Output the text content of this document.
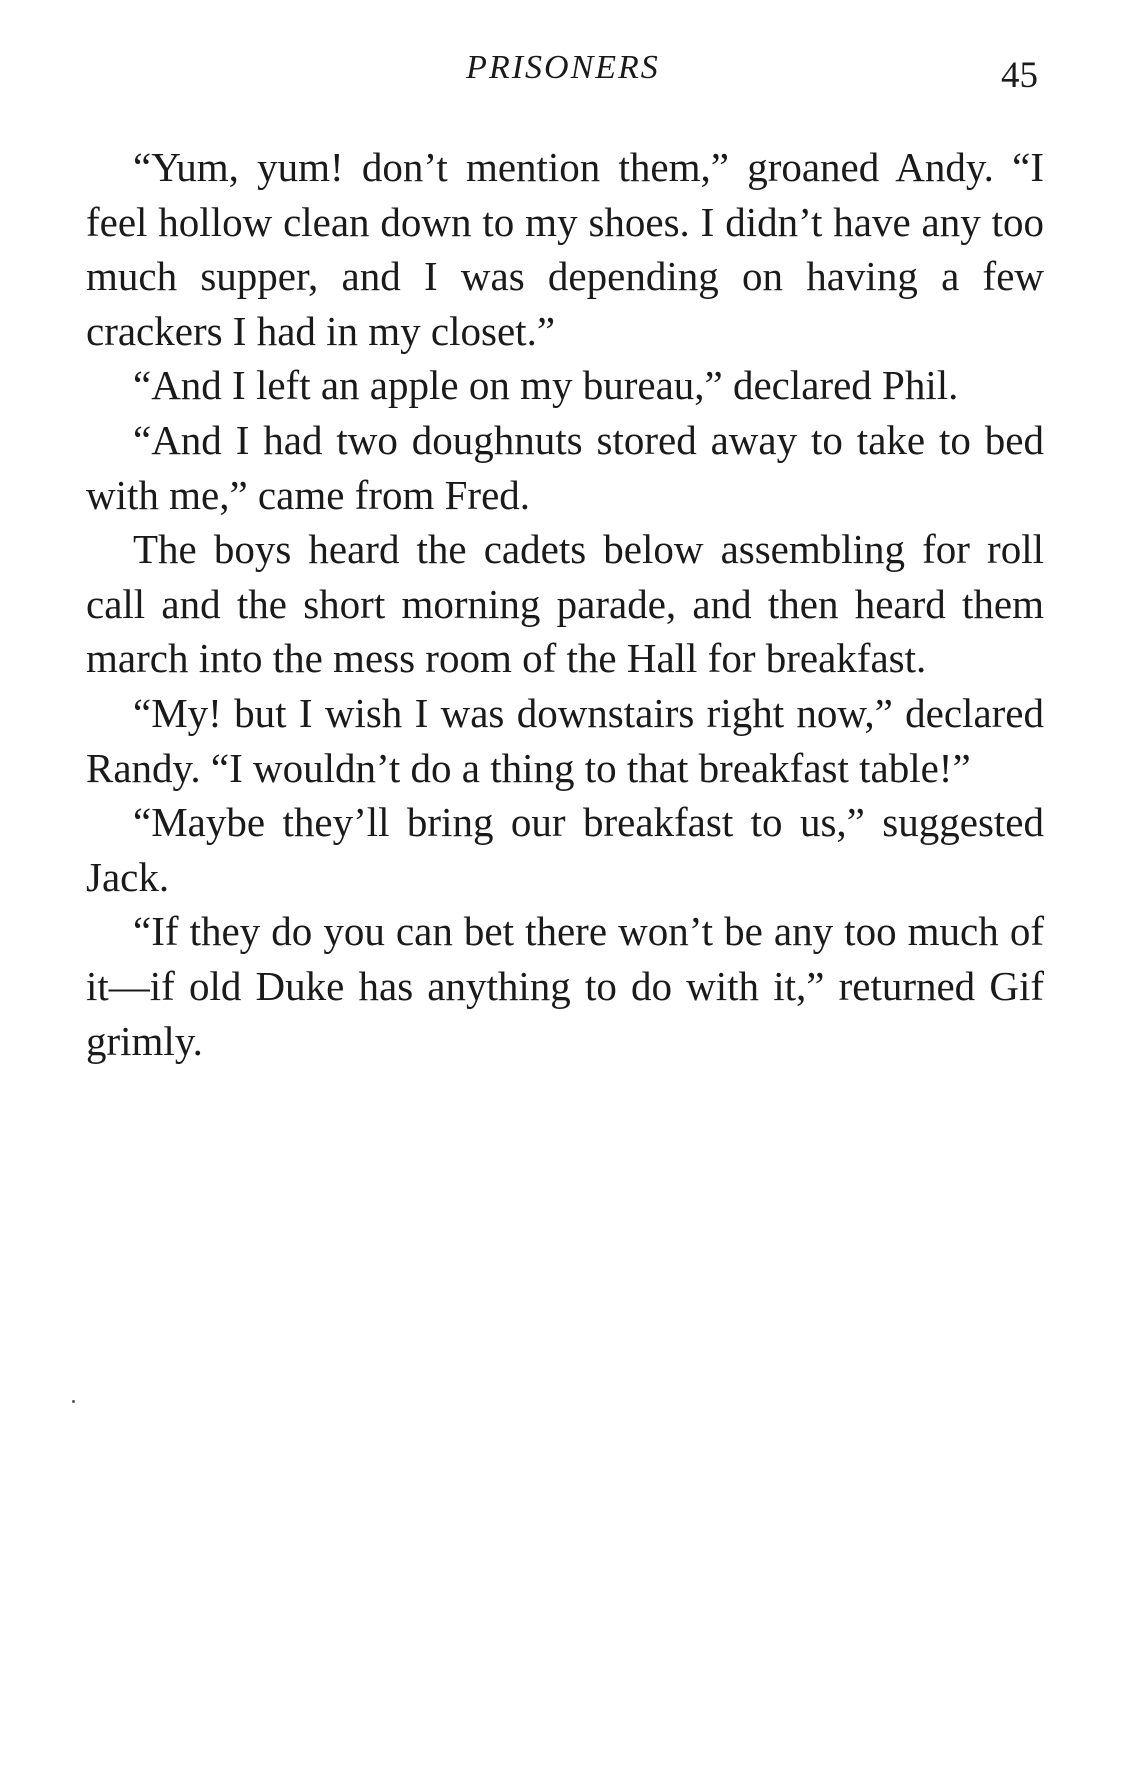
PRISONERS	45

“Yum, yum! don’t mention them,” groaned Andy. “I feel hollow clean down to my shoes. I didn’t have any too much supper, and I was depending on having a few crackers I had in my closet.”

“And I left an apple on my bureau,” declared Phil.

“And I had two doughnuts stored away to take to bed with me,” came from Fred.

The boys heard the cadets below assembling for roll call and the short morning parade, and then heard them march into the mess room of the Hall for breakfast.

“My! but I wish I was downstairs right now,” declared Randy. “I wouldn’t do a thing to that breakfast table!”

“Maybe they’ll bring our breakfast to us,” suggested Jack.

“If they do you can bet there won’t be any too much of it—if old Duke has anything to do with it,” returned Gif grimly.
